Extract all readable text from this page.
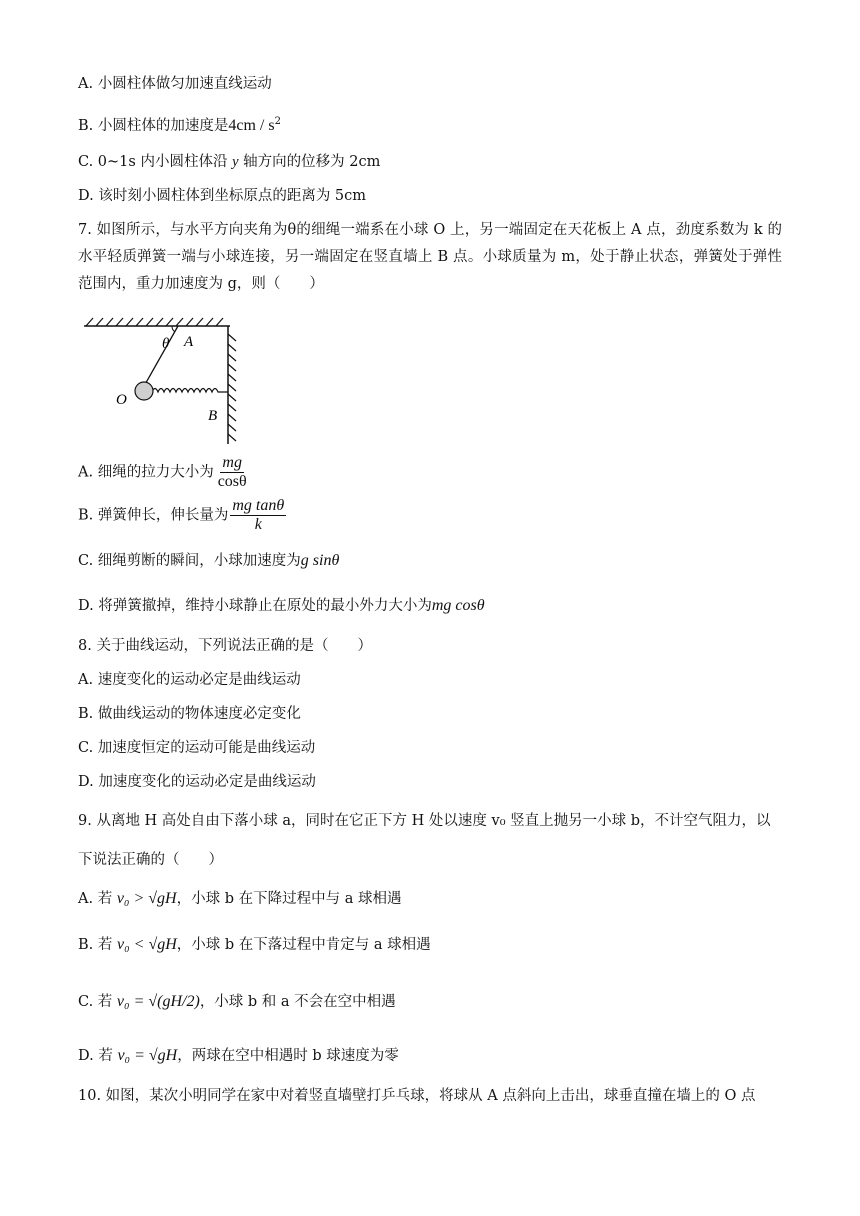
A. 小圆柱体做匀加速直线运动
B. 小圆柱体的加速度是$4cm / s^2$
C. 0~1s 内小圆柱体沿 y 轴方向的位移为 2cm
D. 该时刻小圆柱体到坐标原点的距离为 5cm
7. 如图所示，与水平方向夹角为θ的细绳一端系在小球 O 上，另一端固定在天花板上 A 点，劲度系数为 k 的水平轻质弹簧一端与小球连接，另一端固定在竖直墙上 B 点。小球质量为 m，处于静止状态，弹簧处于弹性范围内，重力加速度为 g，则（　　）
θ A
O
B
A. 细绳的拉力大小为 $\frac{mg}{\cos\theta}$
B. 弹簧伸长，伸长量为 $\frac{\text{mg tanθ}}{k}$
C. 细绳剪断的瞬间，小球加速度为g sinθ
D. 将弹簧撤掉，维持小球静止在原处的最小外力大小为mg cosθ
8. 关于曲线运动，下列说法正确的是（　　）
A. 速度变化的运动必定是曲线运动
B. 做曲线运动的物体速度必定变化
C. 加速度恒定的运动可能是曲线运动
D. 加速度变化的运动必定是曲线运动
9. 从离地 H 高处自由下落小球 a，同时在它正下方 H 处以速度 v₀ 竖直上抛另一小球 b，不计空气阻力，以
下说法正确的（　　）
A. 若 v₀ > √gH，小球 b 在下降过程中与 a 球相遇
B. 若 v₀ < √gH，小球 b 在下落过程中肯定与 a 球相遇
C. 若 v₀ = √(gH/2)，小球 b 和 a 不会在空中相遇
D. 若 v₀ = √gH，两球在空中相遇时 b 球速度为零
10. 如图，某次小明同学在家中对着竖直墙壁打乒乓球，将球从 A 点斜向上击出，球垂直撞在墙上的 O 点
